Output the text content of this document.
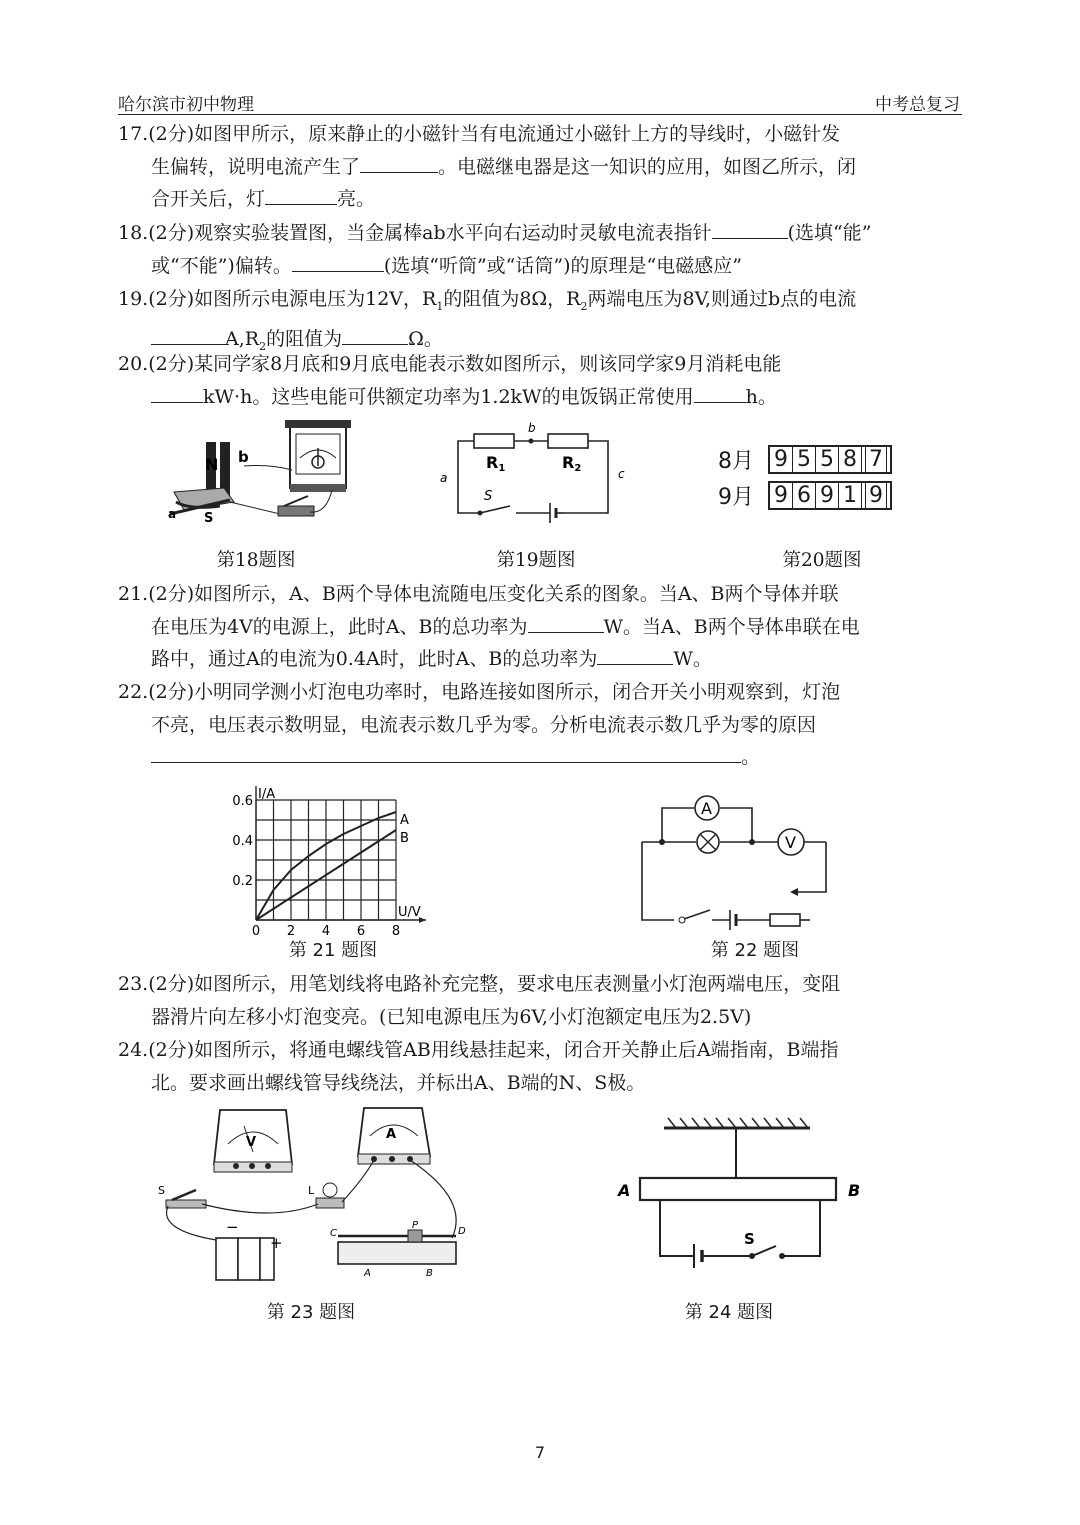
哈尔滨市初中物理	中考总复习

17.(2分)如图甲所示，原来静止的小磁针当有电流通过小磁针上方的导线时，小磁针发

生偏转，说明电流产生了	。电磁继电器是这一知识的应用，如图乙所示，闭

合开关后，灯	亮。

18.(2分)观察实验装置图，当金属棒ab水平向右运动时灵敏电流表指针	(选填“能”

或“不能”)偏转。	(选填“听筒”或“话筒”)的原理是“电磁感应”

19.(2分)如图所示电源电压为12V，$R_1$的阻值为8Ω，$R_2$两端电压为8V,则通过b点的电流

$A,R_2$的阻值为	Ω。

20.(2分)某同学家8月底和9月底电能表示数如图所示，则该同学家9月消耗电能

kW·h。这些电能可供额定功率为1.2kW的电饭锅正常使用	h。

N b
a S
第18题图
R1	R2
b
a	c
S
第19题图
8月 9 5 5 8 7
9月 9 6 9 1 9
第20题图

21.(2分)如图所示，A、B两个导体电流随电压变化关系的图象。当A、B两个导体并联

在电压为4V的电源上，此时A、B的总功率为	W。当A、B两个导体串联在电

路中，通过A的电流为0.4A时，此时A、B的总功率为	W。

22.(2分)小明同学测小灯泡电功率时，电路连接如图所示，闭合开关小明观察到，灯泡

不亮，电压表示数明显，电流表示数几乎为零。分析电流表示数几乎为零的原因

。

0 2 4 6 8
0.2
0.4
0.6 I/A
U/V
A
B
第 21 题图
A
V
第 22 题图

23.(2分)如图所示，用笔划线将电路补充完整，要求电压表测量小灯泡两端电压，变阻

器滑片向左移小灯泡变亮。(已知电源电压为6V,小灯泡额定电压为2.5V)

24.(2分)如图所示，将通电螺线管AB用线悬挂起来，闭合开关静止后A端指南，B端指

北。要求画出螺线管导线绕法，并标出A、B端的N、S极。

V
A
S	L
−
+
C
P
D
A	B
第 23 题图
A	B
S
第 24 题图
7
